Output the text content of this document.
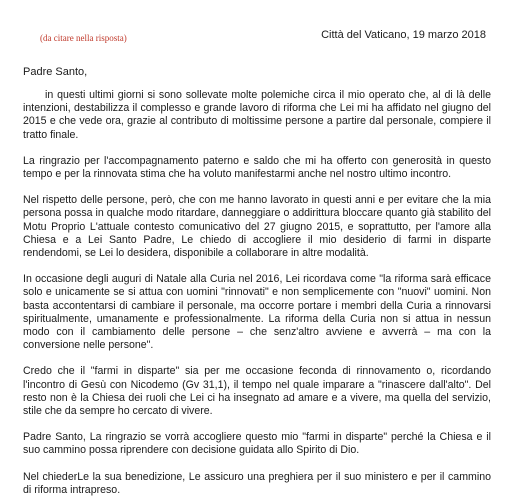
(da citare nella risposta)	Città del Vaticano, 19 marzo 2018
Padre Santo,

in questi ultimi giorni si sono sollevate molte polemiche circa il mio operato che, al di là delle intenzioni, destabilizza il complesso e grande lavoro di riforma che Lei mi ha affidato nel giugno del 2015 e che vede ora, grazie al contributo di moltissime persone a partire dal personale, compiere il tratto finale.

La ringrazio per l'accompagnamento paterno e saldo che mi ha offerto con generosità in questo tempo e per la rinnovata stima che ha voluto manifestarmi anche nel nostro ultimo incontro.

Nel rispetto delle persone, però, che con me hanno lavorato in questi anni e per evitare che la mia persona possa in qualche modo ritardare, danneggiare o addirittura bloccare quanto già stabilito del Motu Proprio L'attuale contesto comunicativo del 27 giugno 2015, e soprattutto, per l'amore alla Chiesa e a Lei Santo Padre, Le chiedo di accogliere il mio desiderio di farmi in disparte rendendomi, se Lei lo desidera, disponibile a collaborare in altre modalità.

In occasione degli auguri di Natale alla Curia nel 2016, Lei ricordava come "la riforma sarà efficace solo e unicamente se si attua con uomini "rinnovati" e non semplicemente con "nuovi" uomini. Non basta accontentarsi di cambiare il personale, ma occorre portare i membri della Curia a rinnovarsi spiritualmente, umanamente e professionalmente. La riforma della Curia non si attua in nessun modo con il cambiamento delle persone – che senz'altro avviene e avverrà – ma con la conversione nelle persone".

Credo che il "farmi in disparte" sia per me occasione feconda di rinnovamento o, ricordando l'incontro di Gesù con Nicodemo (Gv 31,1), il tempo nel quale imparare a "rinascere dall'alto". Del resto non è la Chiesa dei ruoli che Lei ci ha insegnato ad amare e a vivere, ma quella del servizio, stile che da sempre ho cercato di vivere.

Padre Santo, La ringrazio se vorrà accogliere questo mio "farmi in disparte" perché la Chiesa e il suo cammino possa riprendere con decisione guidata allo Spirito di Dio.

Nel chiederLe la sua benedizione, Le assicuro una preghiera per il suo ministero e per il cammino di riforma intrapreso.
